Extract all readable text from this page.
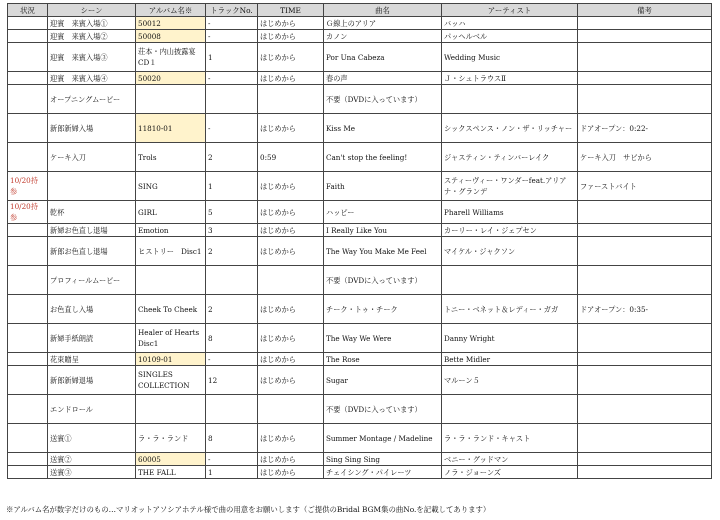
状況	シーン	アルバム名※	トラックNo.	TIME	曲名	アーティスト	備考
	迎賓　来賓入場①	50012	-	はじめから	Ｇ線上のアリア	バッハ	
	迎賓　来賓入場②	50008	-	はじめから	カノン	パッヘルベル	
	迎賓　来賓入場③	荘本・内山披露宴CD１	1	はじめから	Por Una Cabeza	Wedding Music	
	迎賓　来賓入場④	50020	-	はじめから	春の声	Ｊ・シュトラウスⅡ	
	オープニングムービー				不要（DVDに入っています）		
	新郎新婦入場	11810-01	-	はじめから	Kiss Me	シックスペンス・ノン・ザ・リッチャー	ドアオープン：0:22-
	ケーキ入刀	Trols	2	0:59	Can't stop the feeling!	ジャスティン・ティンバーレイク	ケーキ入刀　サビから
10/20持参		SING	1	はじめから	Faith	スティーヴィー・ワンダーfeat.アリアナ・グランデ	ファーストバイト
10/20持参	乾杯	GIRL	5	はじめから	ハッピー	Pharell Williams	
	新婦お色直し退場	Emotion	3	はじめから	I Really Like You	カーリー・レイ・ジェプセン	
	新郎お色直し退場	ヒストリー　Disc1	2	はじめから	The Way You Make Me Feel	マイケル・ジャクソン	
	プロフィールムービー				不要（DVDに入っています）		
	お色直し入場	Cheek To Cheek	2	はじめから	チーク・トゥ・チーク	トニー・ベネット＆レディー・ガガ	ドアオープン：0:35-
	新婦手紙朗読	Healer of Hearts Disc1	8	はじめから	The Way We Were	Danny Wright	
	花束贈呈	10109-01	-	はじめから	The Rose	Bette Midler	
	新郎新婦退場	SINGLES COLLECTION	12	はじめから	Sugar	マルーン５	
	エンドロール				不要（DVDに入っています）		
	送賓①	ラ・ラ・ランド	8	はじめから	Summer Montage / Madeline	ラ・ラ・ランド・キャスト	
	送賓②	60005	-	はじめから	Sing Sing Sing	ベニー・グッドマン	
	送賓③	THE FALL	1	はじめから	チェイシング・パイレーツ	ノラ・ジョーンズ	
※アルバム名が数字だけのもの…マリオットアソシアホテル様で曲の用意をお願いします（ご提供のBridal BGM集の曲No.を記載してあります）
